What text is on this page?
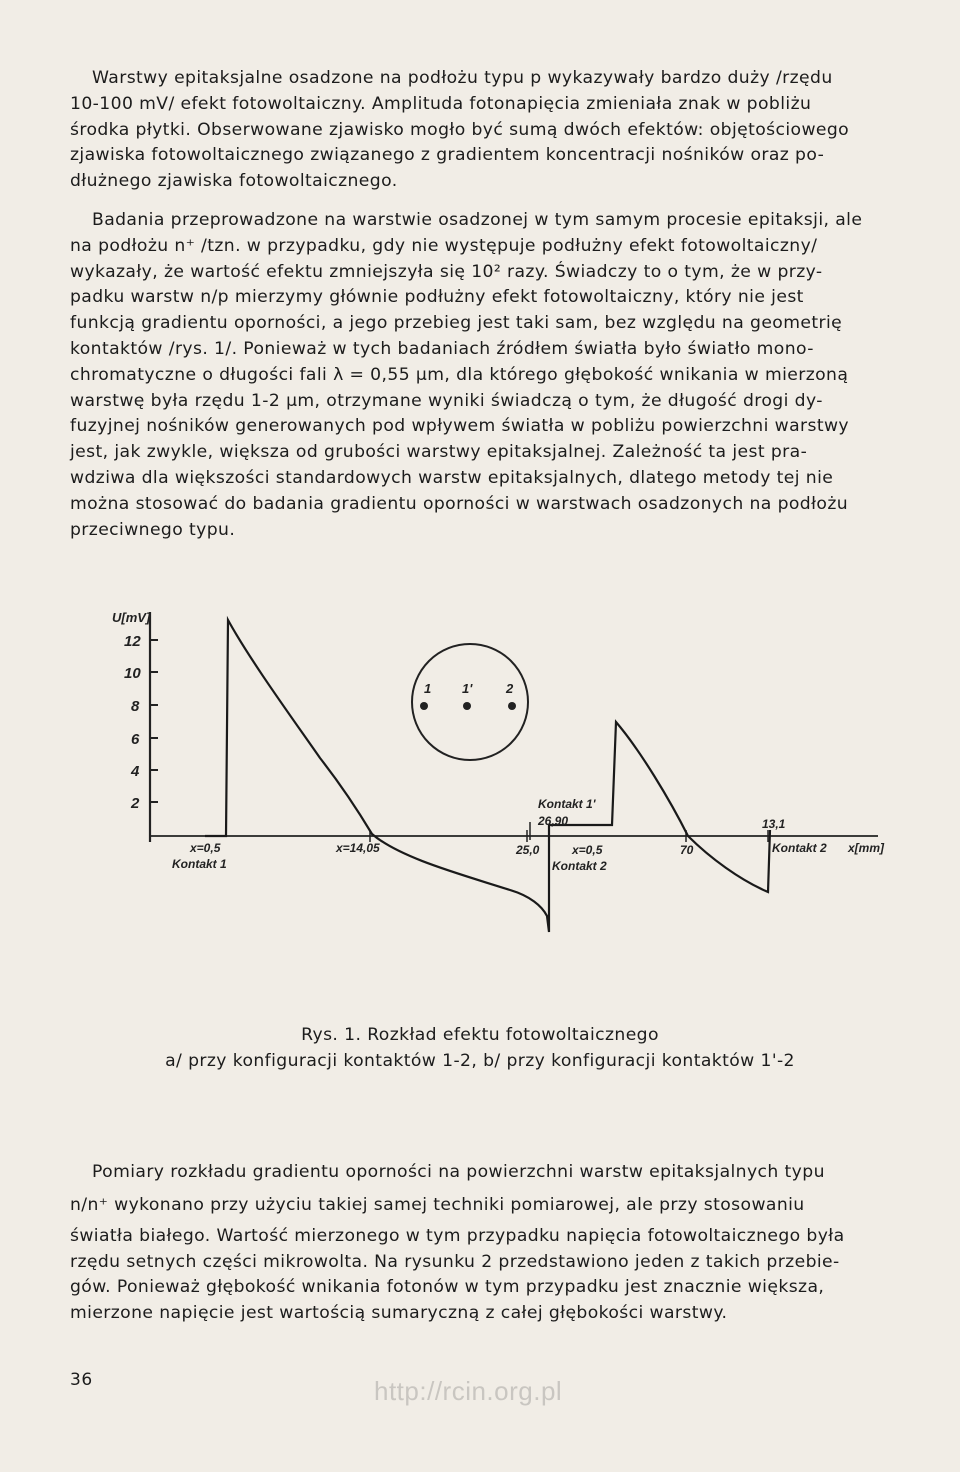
Warstwy epitaksjalne osadzone na podłożu typu p wykazywały bardzo duży /rzędu
10-100 mV/ efekt fotowoltaiczny. Amplituda fotonapięcia zmieniała znak w pobliżu
środka płytki. Obserwowane zjawisko mogło być sumą dwóch efektów: objętościowego
zjawiska fotowoltaicznego związanego z gradientem koncentracji nośników oraz po-
dłużnego zjawiska fotowoltaicznego.

Badania przeprowadzone na warstwie osadzonej w tym samym procesie epitaksji, ale
na podłożu n⁺ /tzn. w przypadku, gdy nie występuje podłużny efekt fotowoltaiczny/
wykazały, że wartość efektu zmniejszyła się 10² razy. Świadczy to o tym, że w przy-
padku warstw n/p mierzymy głównie podłużny efekt fotowoltaiczny, który nie jest
funkcją gradientu oporności, a jego przebieg jest taki sam, bez względu na geometrię
kontaktów /rys. 1/. Ponieważ w tych badaniach źródłem światła było światło mono-
chromatyczne o długości fali λ = 0,55 μm, dla którego głębokość wnikania w mierzoną
warstwę była rzędu 1-2 μm, otrzymane wyniki świadczą o tym, że długość drogi dy-
fuzyjnej nośników generowanych pod wpływem światła w pobliżu powierzchni warstwy
jest, jak zwykle, większa od grubości warstwy epitaksjalnej. Zależność ta jest pra-
wdziwa dla większości standardowych warstw epitaksjalnych, dlatego metody tej nie
można stosować do badania gradientu oporności w warstwach osadzonych na podłożu
przeciwnego typu.

U[mV]
12
10
8
6
4
2
x=0,5
Kontakt 1
x=14,05
Kontakt 1'
26,90
25,0	x=0,5
Kontakt 2
70
13,1
Kontakt 2 x[mm]
1 1'	2
Rys. 1. Rozkład efektu fotowoltaicznego
a/ przy konfiguracji kontaktów 1-2, b/ przy konfiguracji kontaktów 1'-2

Pomiary rozkładu gradientu oporności na powierzchni warstw epitaksjalnych typu
n/n⁺ wykonano przy użyciu takiej samej techniki pomiarowej, ale przy stosowaniu
światła białego. Wartość mierzonego w tym przypadku napięcia fotowoltaicznego była
rzędu setnych części mikrowolta. Na rysunku 2 przedstawiono jeden z takich przebie-
gów. Ponieważ głębokość wnikania fotonów w tym przypadku jest znacznie większa,
mierzone napięcie jest wartością sumaryczną z całej głębokości warstwy.

36	http://rcin.org.pl
